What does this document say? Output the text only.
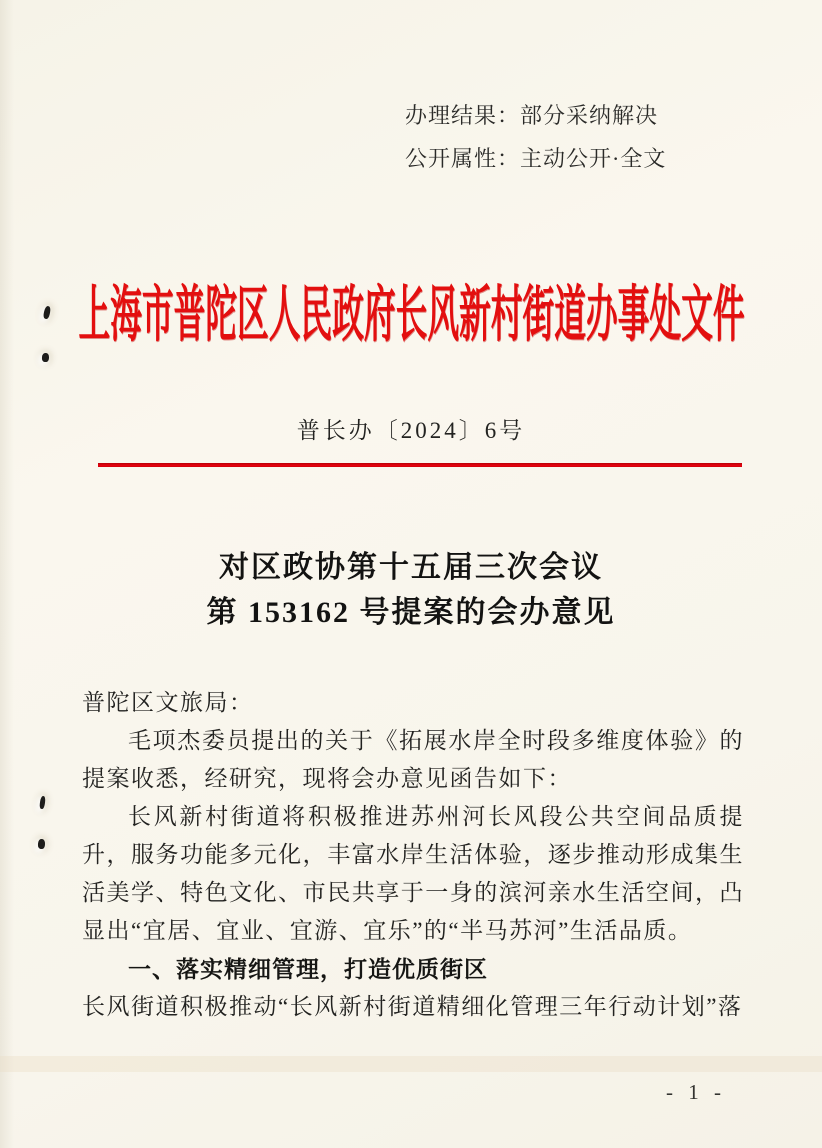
办理结果：部分采纳解决
公开属性：主动公开·全文
上海市普陀区人民政府长风新村街道办事处文件
普长办〔2024〕6号
对区政协第十五届三次会议
第 153162 号提案的会办意见

普陀区文旅局：

毛项杰委员提出的关于《拓展水岸全时段多维度体验》的提案收悉，经研究，现将会办意见函告如下：

长风新村街道将积极推进苏州河长风段公共空间品质提升，服务功能多元化，丰富水岸生活体验，逐步推动形成集生活美学、特色文化、市民共享于一身的滨河亲水生活空间，凸显出“宜居、宜业、宜游、宜乐”的“半马苏河”生活品质。

一、落实精细管理，打造优质街区

长风街道积极推动“长风新村街道精细化管理三年行动计划”落

- 1 -
